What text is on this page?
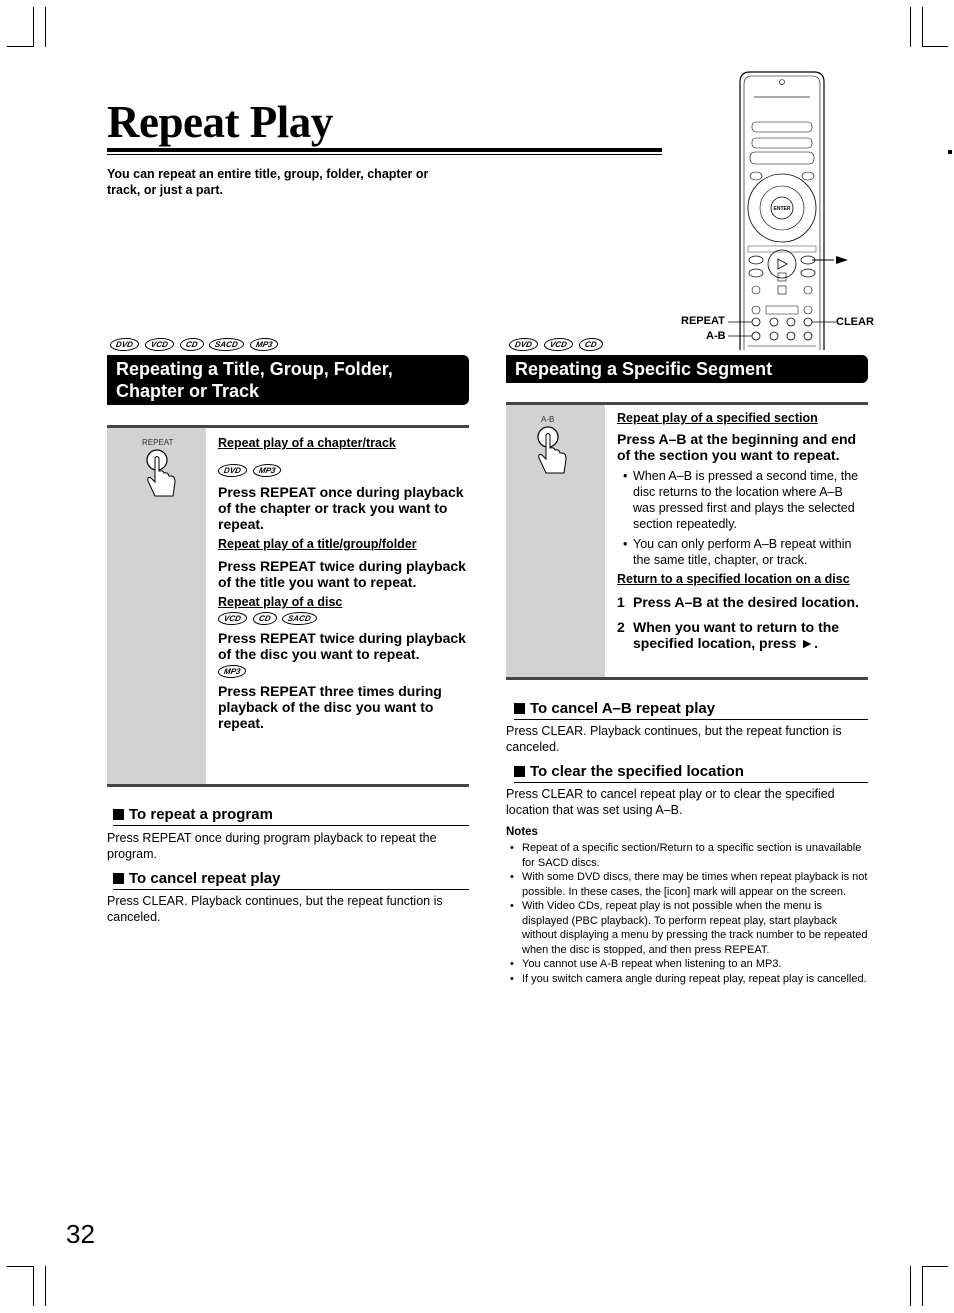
Repeat Play
You can repeat an entire title, group, folder, chapter or track, or just a part.
ENTER
REPEAT
A-B
CLEAR
DVD	VCD	CD	SACD	MP3
Repeating a Title, Group, Folder, Chapter or Track
REPEAT	Repeat play of a chapter/track
DVD	MP3
Press REPEAT once during playback of the chapter or track you want to repeat.
Repeat play of a title/group/folder
Press REPEAT twice during playback of the title you want to repeat.
Repeat play of a disc
VCD	CD	SACD
Press REPEAT twice during playback of the disc you want to repeat.
MP3
Press REPEAT three times during playback of the disc you want to repeat.
To repeat a program
Press REPEAT once during program playback to repeat the program.
To cancel repeat play
Press CLEAR. Playback continues, but the repeat function is canceled.
DVD	VCD	CD
Repeating a Specific Segment
A-B	Repeat play of a specified section
Press A–B at the beginning and end of the section you want to repeat.
• When A–B is pressed a second time, the disc returns to the location where A–B was pressed first and plays the selected section repeatedly.
• You can only perform A–B repeat within the same title, chapter, or track.
Return to a specified location on a disc
1 Press A–B at the desired location.
2 When you want to return to the specified location, press ►.
To cancel A–B repeat play
Press CLEAR. Playback continues, but the repeat function is canceled.
To clear the specified location
Press CLEAR to cancel repeat play or to clear the specified location that was set using A–B.
Notes
• Repeat of a specific section/Return to a specific section is unavailable for SACD discs.
• With some DVD discs, there may be times when repeat playback is not possible. In these cases, the [icon] mark will appear on the screen.
• With Video CDs, repeat play is not possible when the menu is displayed (PBC playback). To perform repeat play, start playback without displaying a menu by pressing the track number to be repeated when the disc is stopped, and then press REPEAT.
• You cannot use A-B repeat when listening to an MP3.
• If you switch camera angle during repeat play, repeat play is cancelled.
32
